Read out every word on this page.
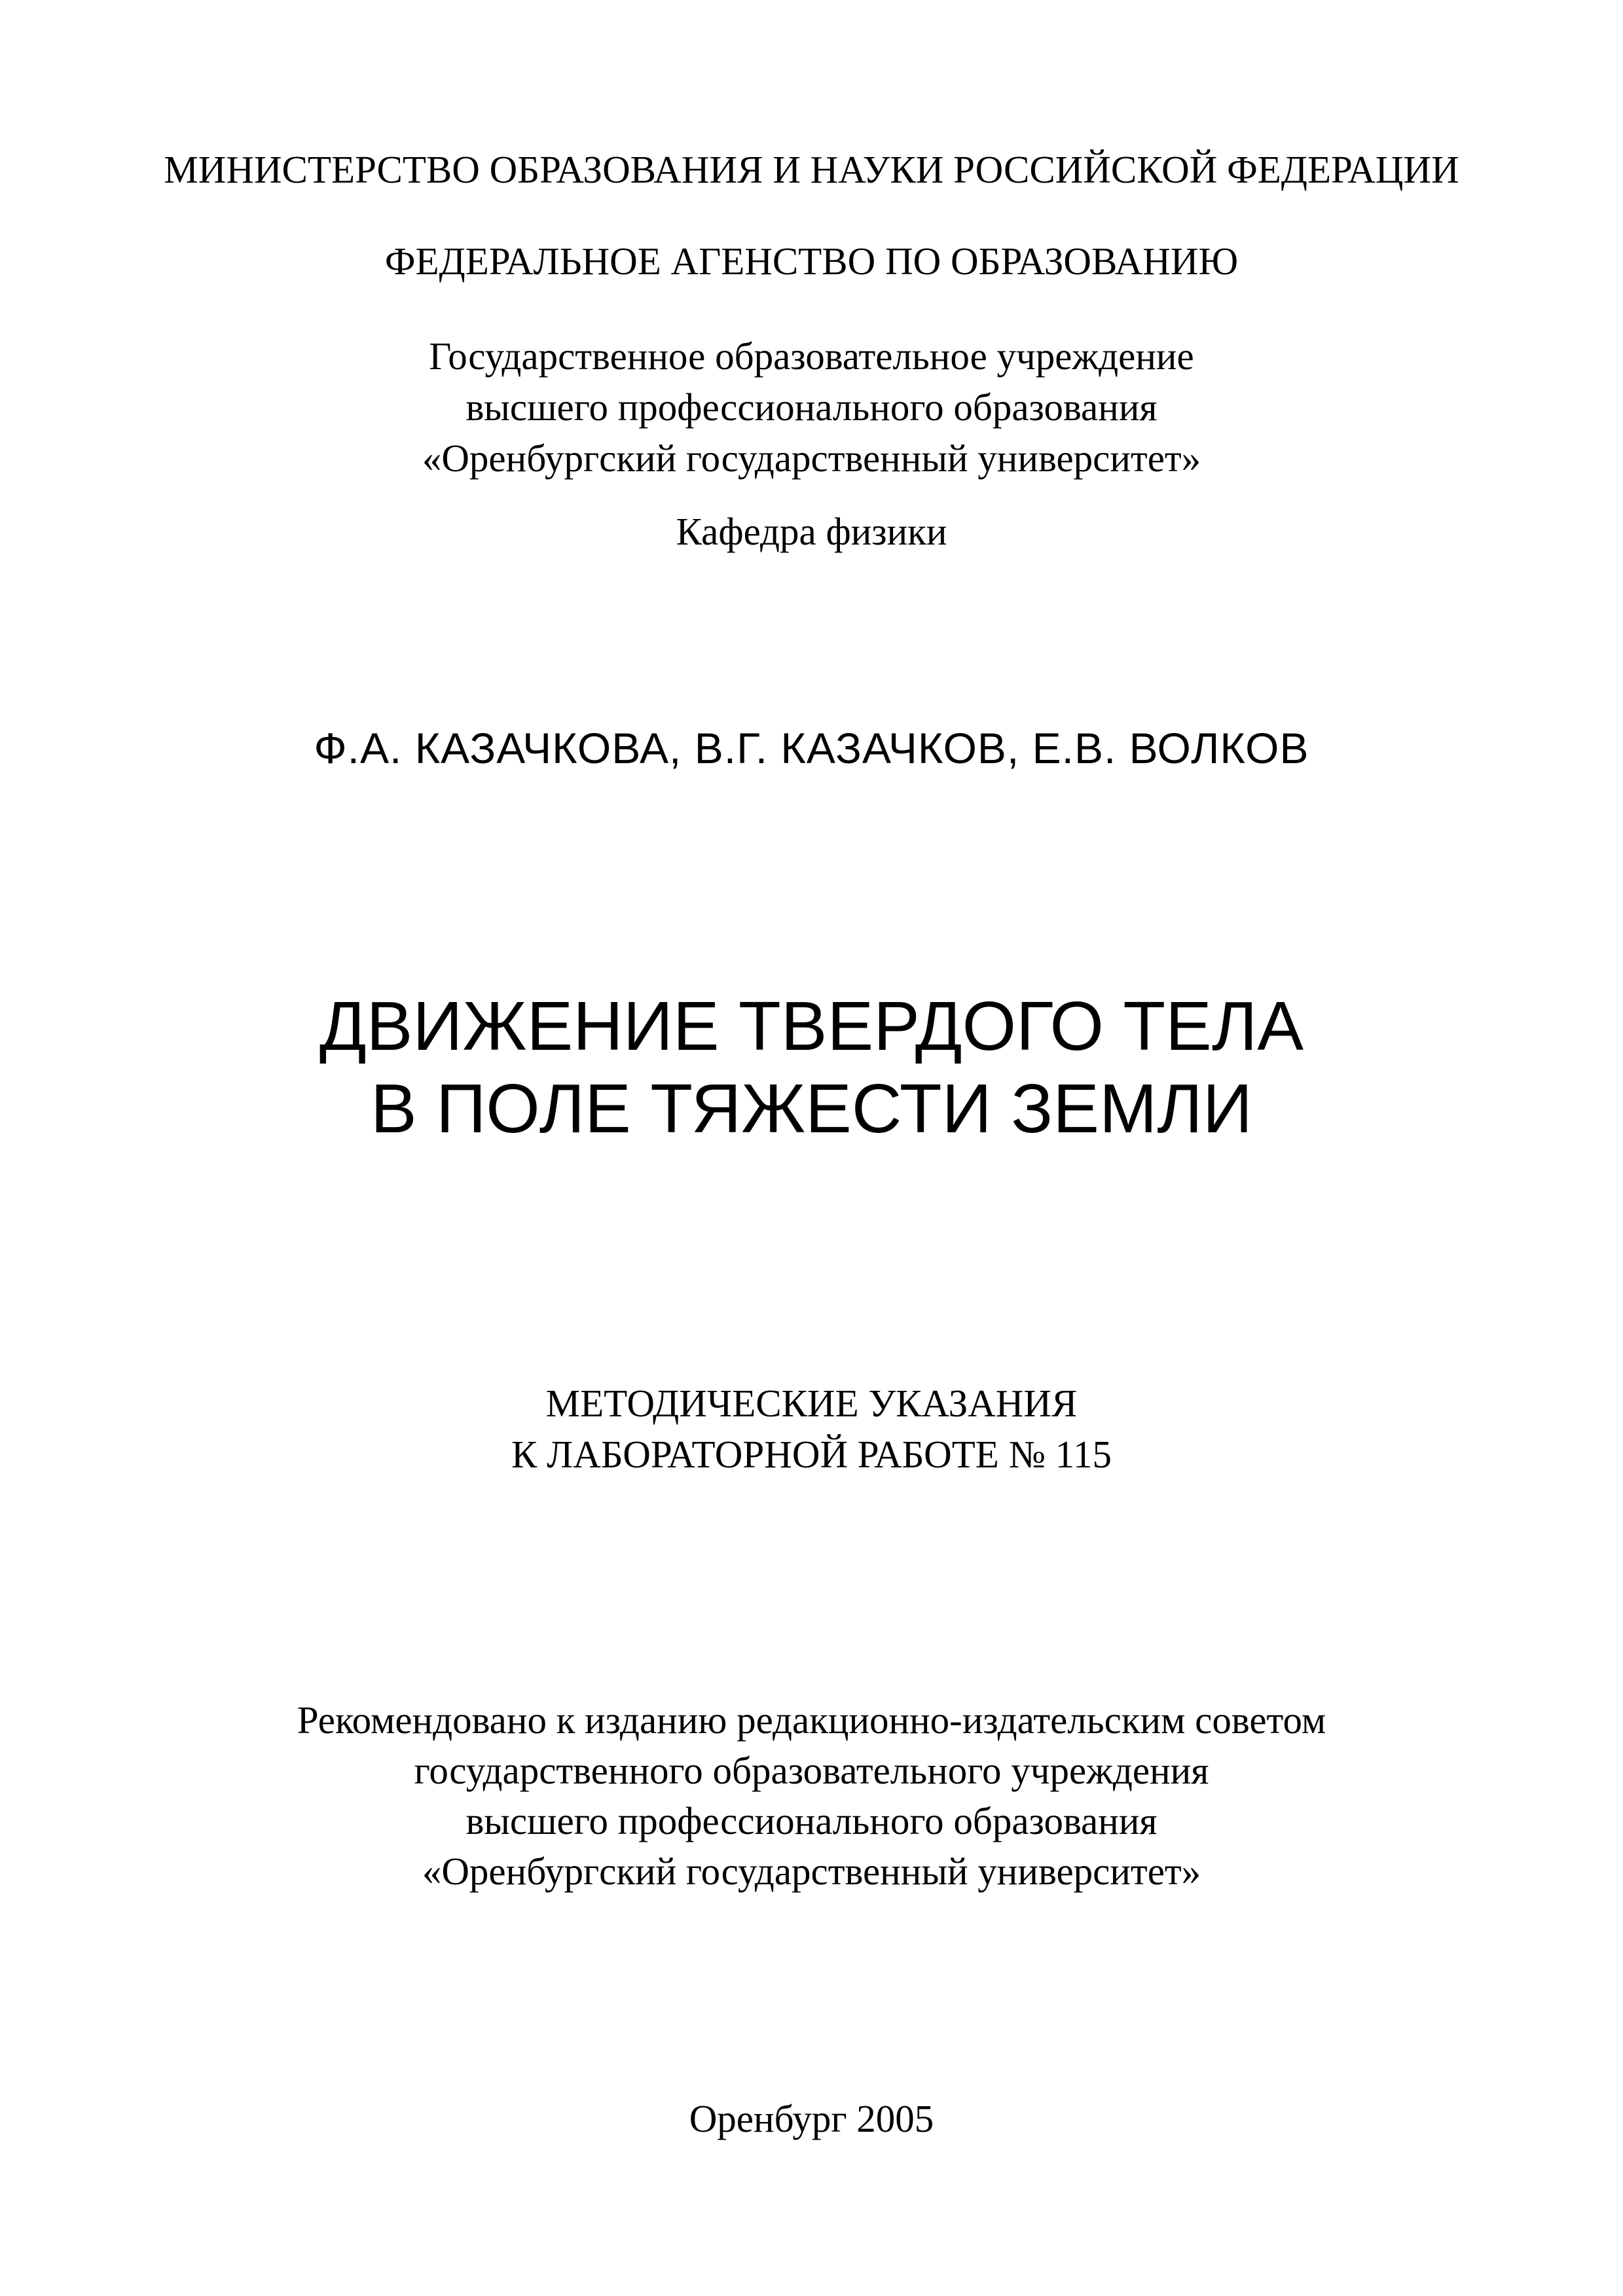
МИНИСТЕРСТВО ОБРАЗОВАНИЯ И НАУКИ РОССИЙСКОЙ ФЕДЕРАЦИИ
ФЕДЕРАЛЬНОЕ АГЕНСТВО ПО ОБРАЗОВАНИЮ
Государственное образовательное учреждение
высшего профессионального образования
«Оренбургский государственный университет»
Кафедра физики
Ф.А. КАЗАЧКОВА, В.Г. КАЗАЧКОВ, Е.В. ВОЛКОВ
ДВИЖЕНИЕ ТВЕРДОГО ТЕЛА
В ПОЛЕ ТЯЖЕСТИ ЗЕМЛИ
МЕТОДИЧЕСКИЕ УКАЗАНИЯ
К ЛАБОРАТОРНОЙ РАБОТЕ № 115
Рекомендовано к изданию редакционно-издательским советом
государственного образовательного учреждения
высшего профессионального образования
«Оренбургский государственный университет»
Оренбург 2005
